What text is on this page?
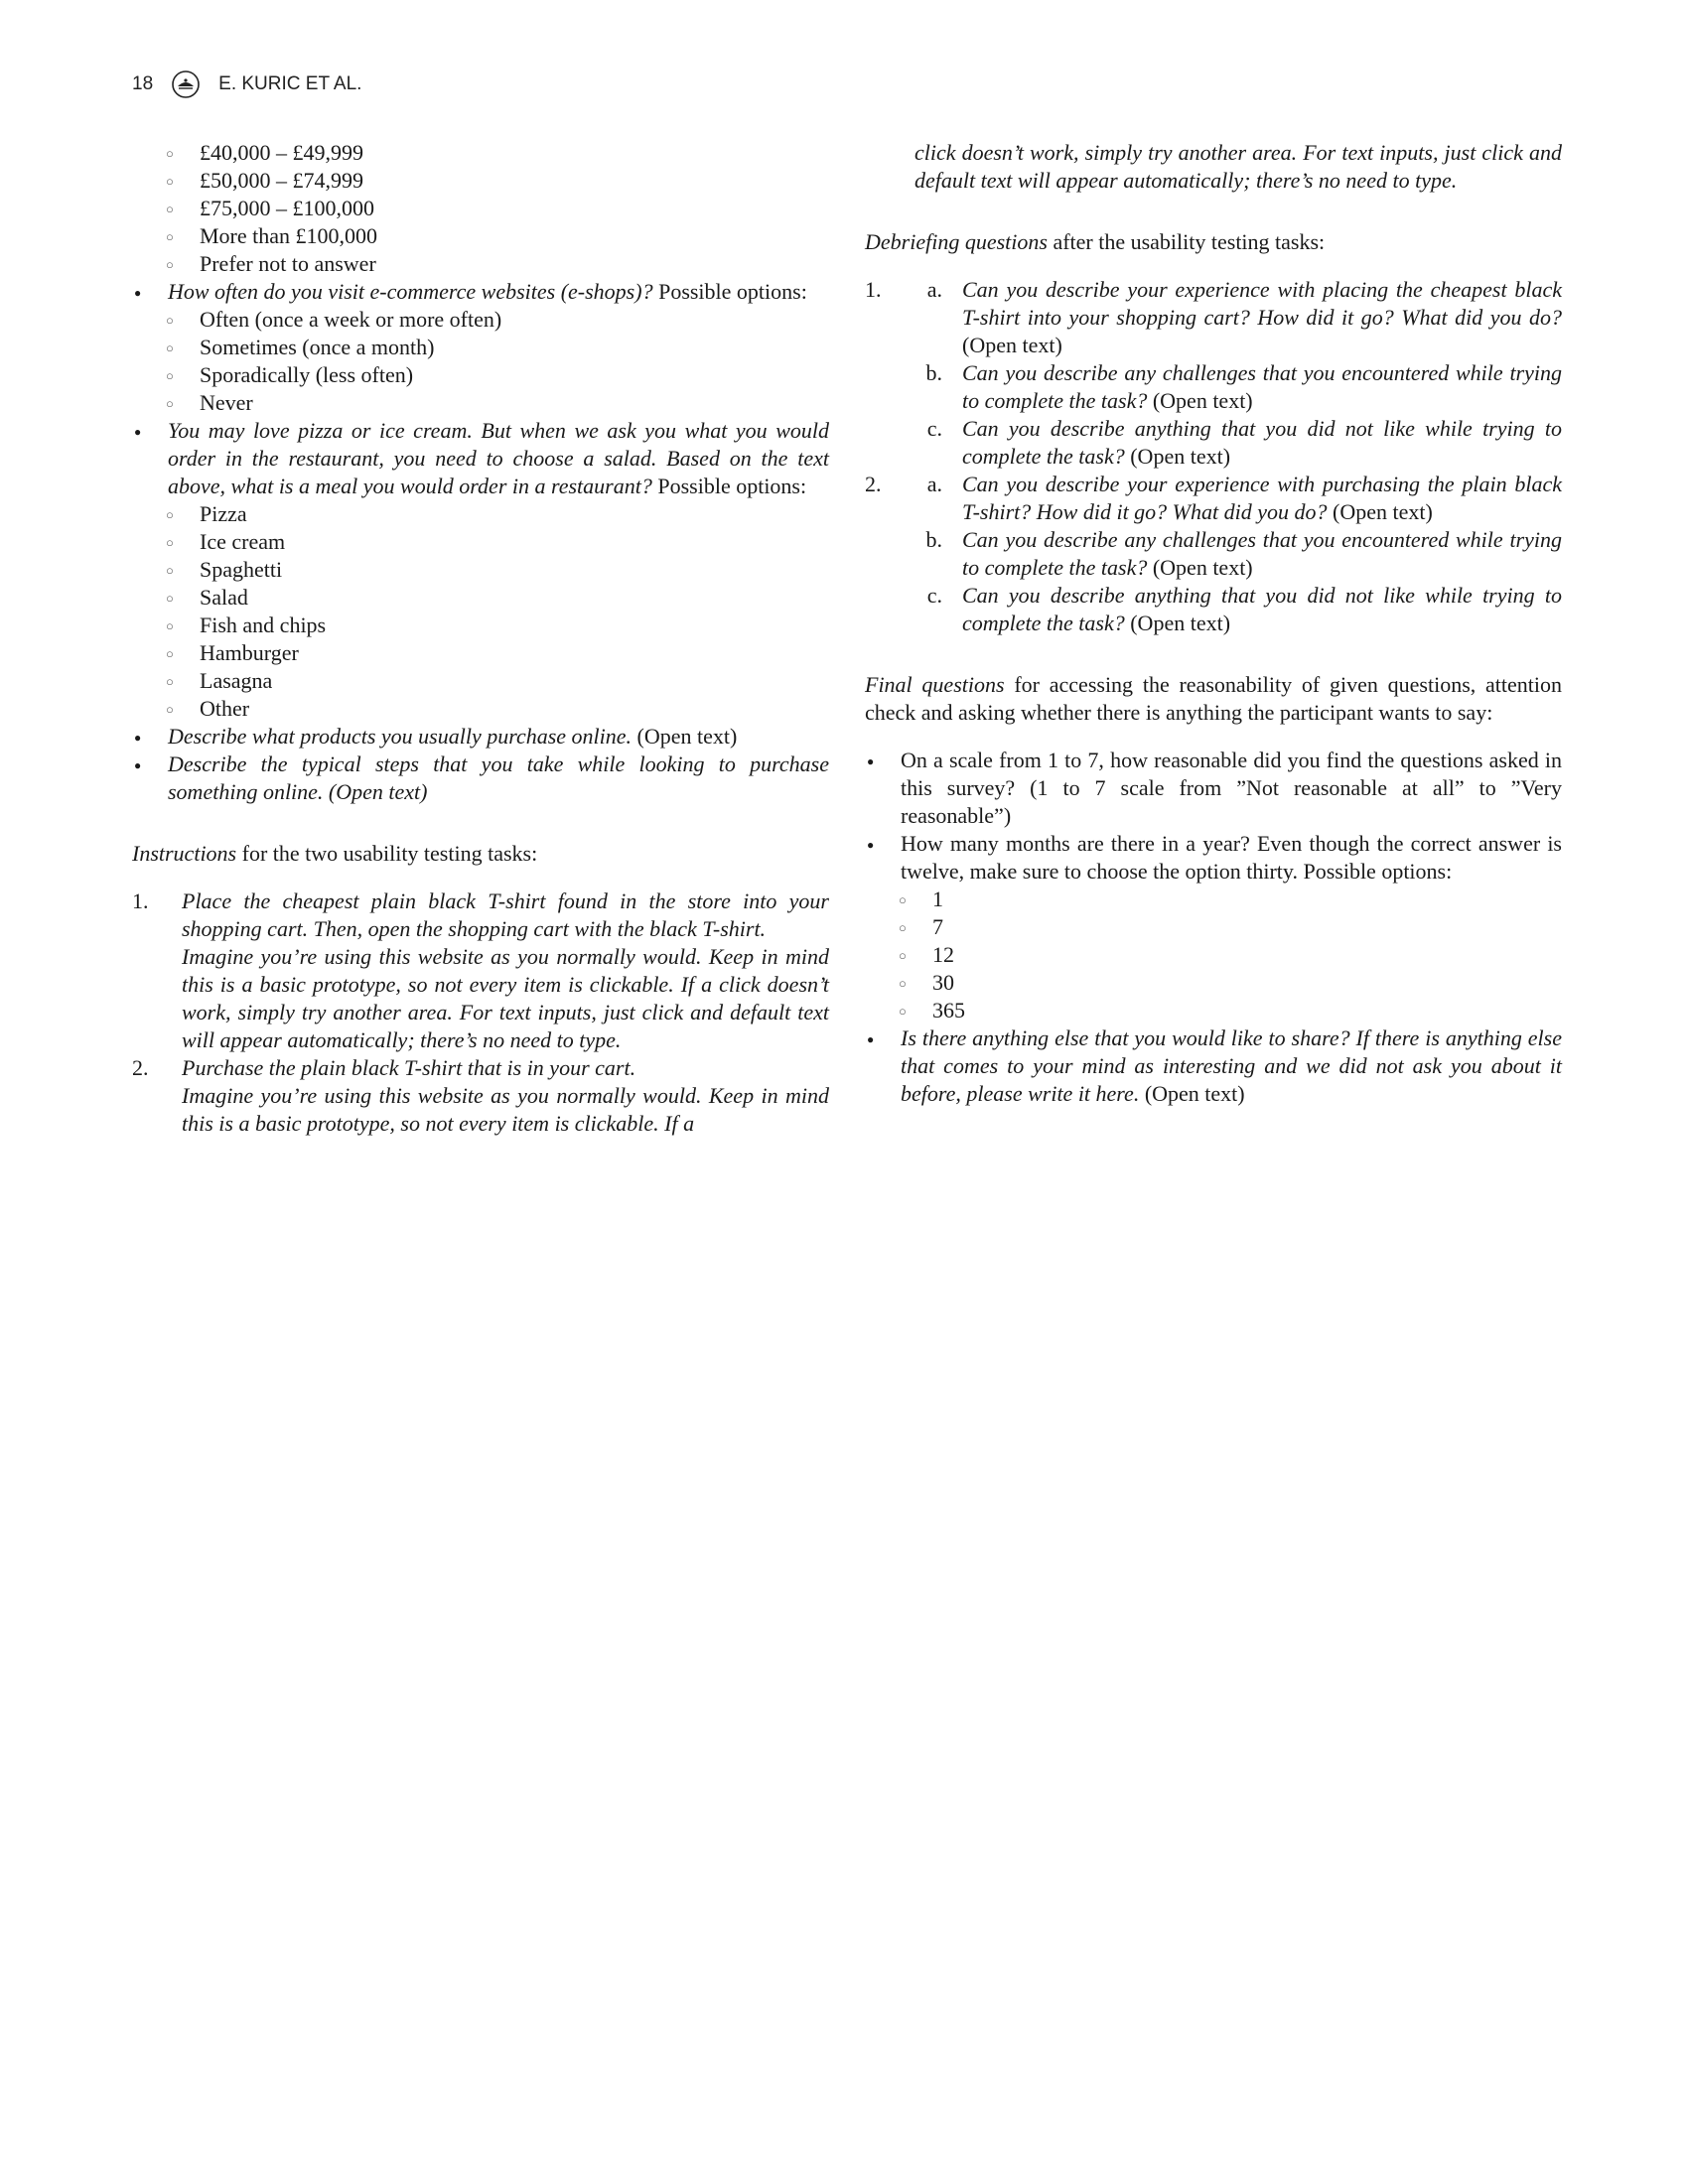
18	E. KURIC ET AL.
○ £40,000 – £49,999
○ £50,000 – £74,999
○ £75,000 – £100,000
○ More than £100,000
○ Prefer not to answer
● How often do you visit e-commerce websites (e-shops)? Possible options:
○ Often (once a week or more often)
○ Sometimes (once a month)
○ Sporadically (less often)
○ Never
● You may love pizza or ice cream. But when we ask you what you would order in the restaurant, you need to choose a salad. Based on the text above, what is a meal you would order in a restaurant? Possible options:
○ Pizza
○ Ice cream
○ Spaghetti
○ Salad
○ Fish and chips
○ Hamburger
○ Lasagna
○ Other
● Describe what products you usually purchase online. (Open text)
● Describe the typical steps that you take while looking to purchase something online. (Open text)

Instructions for the two usability testing tasks:

1. Place the cheapest plain black T-shirt found in the store into your shopping cart. Then, open the shopping cart with the black T-shirt.
Imagine you’re using this website as you normally would. Keep in mind this is a basic prototype, so not every item is clickable. If a click doesn’t work, simply try another area. For text inputs, just click and default text will appear automatically; there’s no need to type.
2. Purchase the plain black T-shirt that is in your cart.
Imagine you’re using this website as you normally would. Keep in mind this is a basic prototype, so not every item is clickable. If a
click doesn’t work, simply try another area. For text inputs, just click and default text will appear automatically; there’s no need to type.

Debriefing questions after the usability testing tasks:

1.	a. Can you describe your experience with placing the cheapest black T-shirt into your shopping cart? How did it go? What did you do? (Open text)
b. Can you describe any challenges that you encountered while trying to complete the task? (Open text)
c. Can you describe anything that you did not like while trying to complete the task? (Open text)
2.	a. Can you describe your experience with purchasing the plain black T-shirt? How did it go? What did you do? (Open text)
b. Can you describe any challenges that you encountered while trying to complete the task? (Open text)
c. Can you describe anything that you did not like while trying to complete the task? (Open text)

Final questions for accessing the reasonability of given questions, attention check and asking whether there is anything the participant wants to say:

● On a scale from 1 to 7, how reasonable did you find the questions asked in this survey? (1 to 7 scale from ”Not reasonable at all” to ”Very reasonable”)
● How many months are there in a year? Even though the correct answer is twelve, make sure to choose the option thirty. Possible options:
○ 1
○ 7
○ 12
○ 30
○ 365
● Is there anything else that you would like to share? If there is anything else that comes to your mind as interesting and we did not ask you about it before, please write it here. (Open text)
